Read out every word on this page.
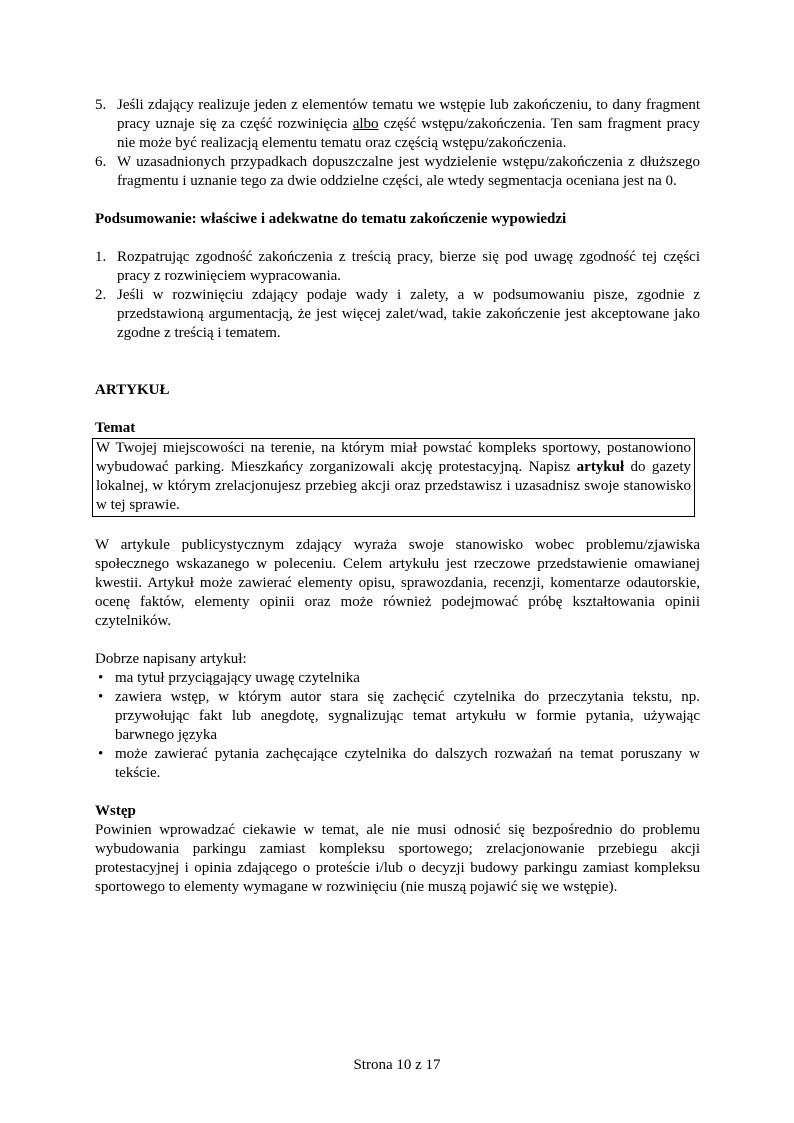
5. Jeśli zdający realizuje jeden z elementów tematu we wstępie lub zakończeniu, to dany fragment pracy uznaje się za część rozwinięcia albo część wstępu/zakończenia. Ten sam fragment pracy nie może być realizacją elementu tematu oraz częścią wstępu/zakończenia.
6. W uzasadnionych przypadkach dopuszczalne jest wydzielenie wstępu/zakończenia z dłuższego fragmentu i uznanie tego za dwie oddzielne części, ale wtedy segmentacja oceniana jest na 0.
Podsumowanie: właściwe i adekwatne do tematu zakończenie wypowiedzi
1. Rozpatrując zgodność zakończenia z treścią pracy, bierze się pod uwagę zgodność tej części pracy z rozwinięciem wypracowania.
2. Jeśli w rozwinięciu zdający podaje wady i zalety, a w podsumowaniu pisze, zgodnie z przedstawioną argumentacją, że jest więcej zalet/wad, takie zakończenie jest akceptowane jako zgodne z treścią i tematem.
ARTYKUŁ
Temat
W Twojej miejscowości na terenie, na którym miał powstać kompleks sportowy, postanowiono wybudować parking. Mieszkańcy zorganizowali akcję protestacyjną. Napisz artykuł do gazety lokalnej, w którym zrelacjonujesz przebieg akcji oraz przedstawisz i uzasadnisz swoje stanowisko w tej sprawie.
W artykule publicystycznym zdający wyraża swoje stanowisko wobec problemu/zjawiska społecznego wskazanego w poleceniu. Celem artykułu jest rzeczowe przedstawienie omawianej kwestii. Artykuł może zawierać elementy opisu, sprawozdania, recenzji, komentarze odautorskie, ocenę faktów, elementy opinii oraz może również podejmować próbę kształtowania opinii czytelników.
Dobrze napisany artykuł:
• ma tytuł przyciągający uwagę czytelnika
• zawiera wstęp, w którym autor stara się zachęcić czytelnika do przeczytania tekstu, np. przywołując fakt lub anegdotę, sygnalizując temat artykułu w formie pytania, używając barwnego języka
• może zawierać pytania zachęcające czytelnika do dalszych rozważań na temat poruszany w tekście.
Wstęp
Powinien wprowadzać ciekawie w temat, ale nie musi odnosić się bezpośrednio do problemu wybudowania parkingu zamiast kompleksu sportowego; zrelacjonowanie przebiegu akcji protestacyjnej i opinia zdającego o proteście i/lub o decyzji budowy parkingu zamiast kompleksu sportowego to elementy wymagane w rozwinięciu (nie muszą pojawić się we wstępie).
Strona 10 z 17
